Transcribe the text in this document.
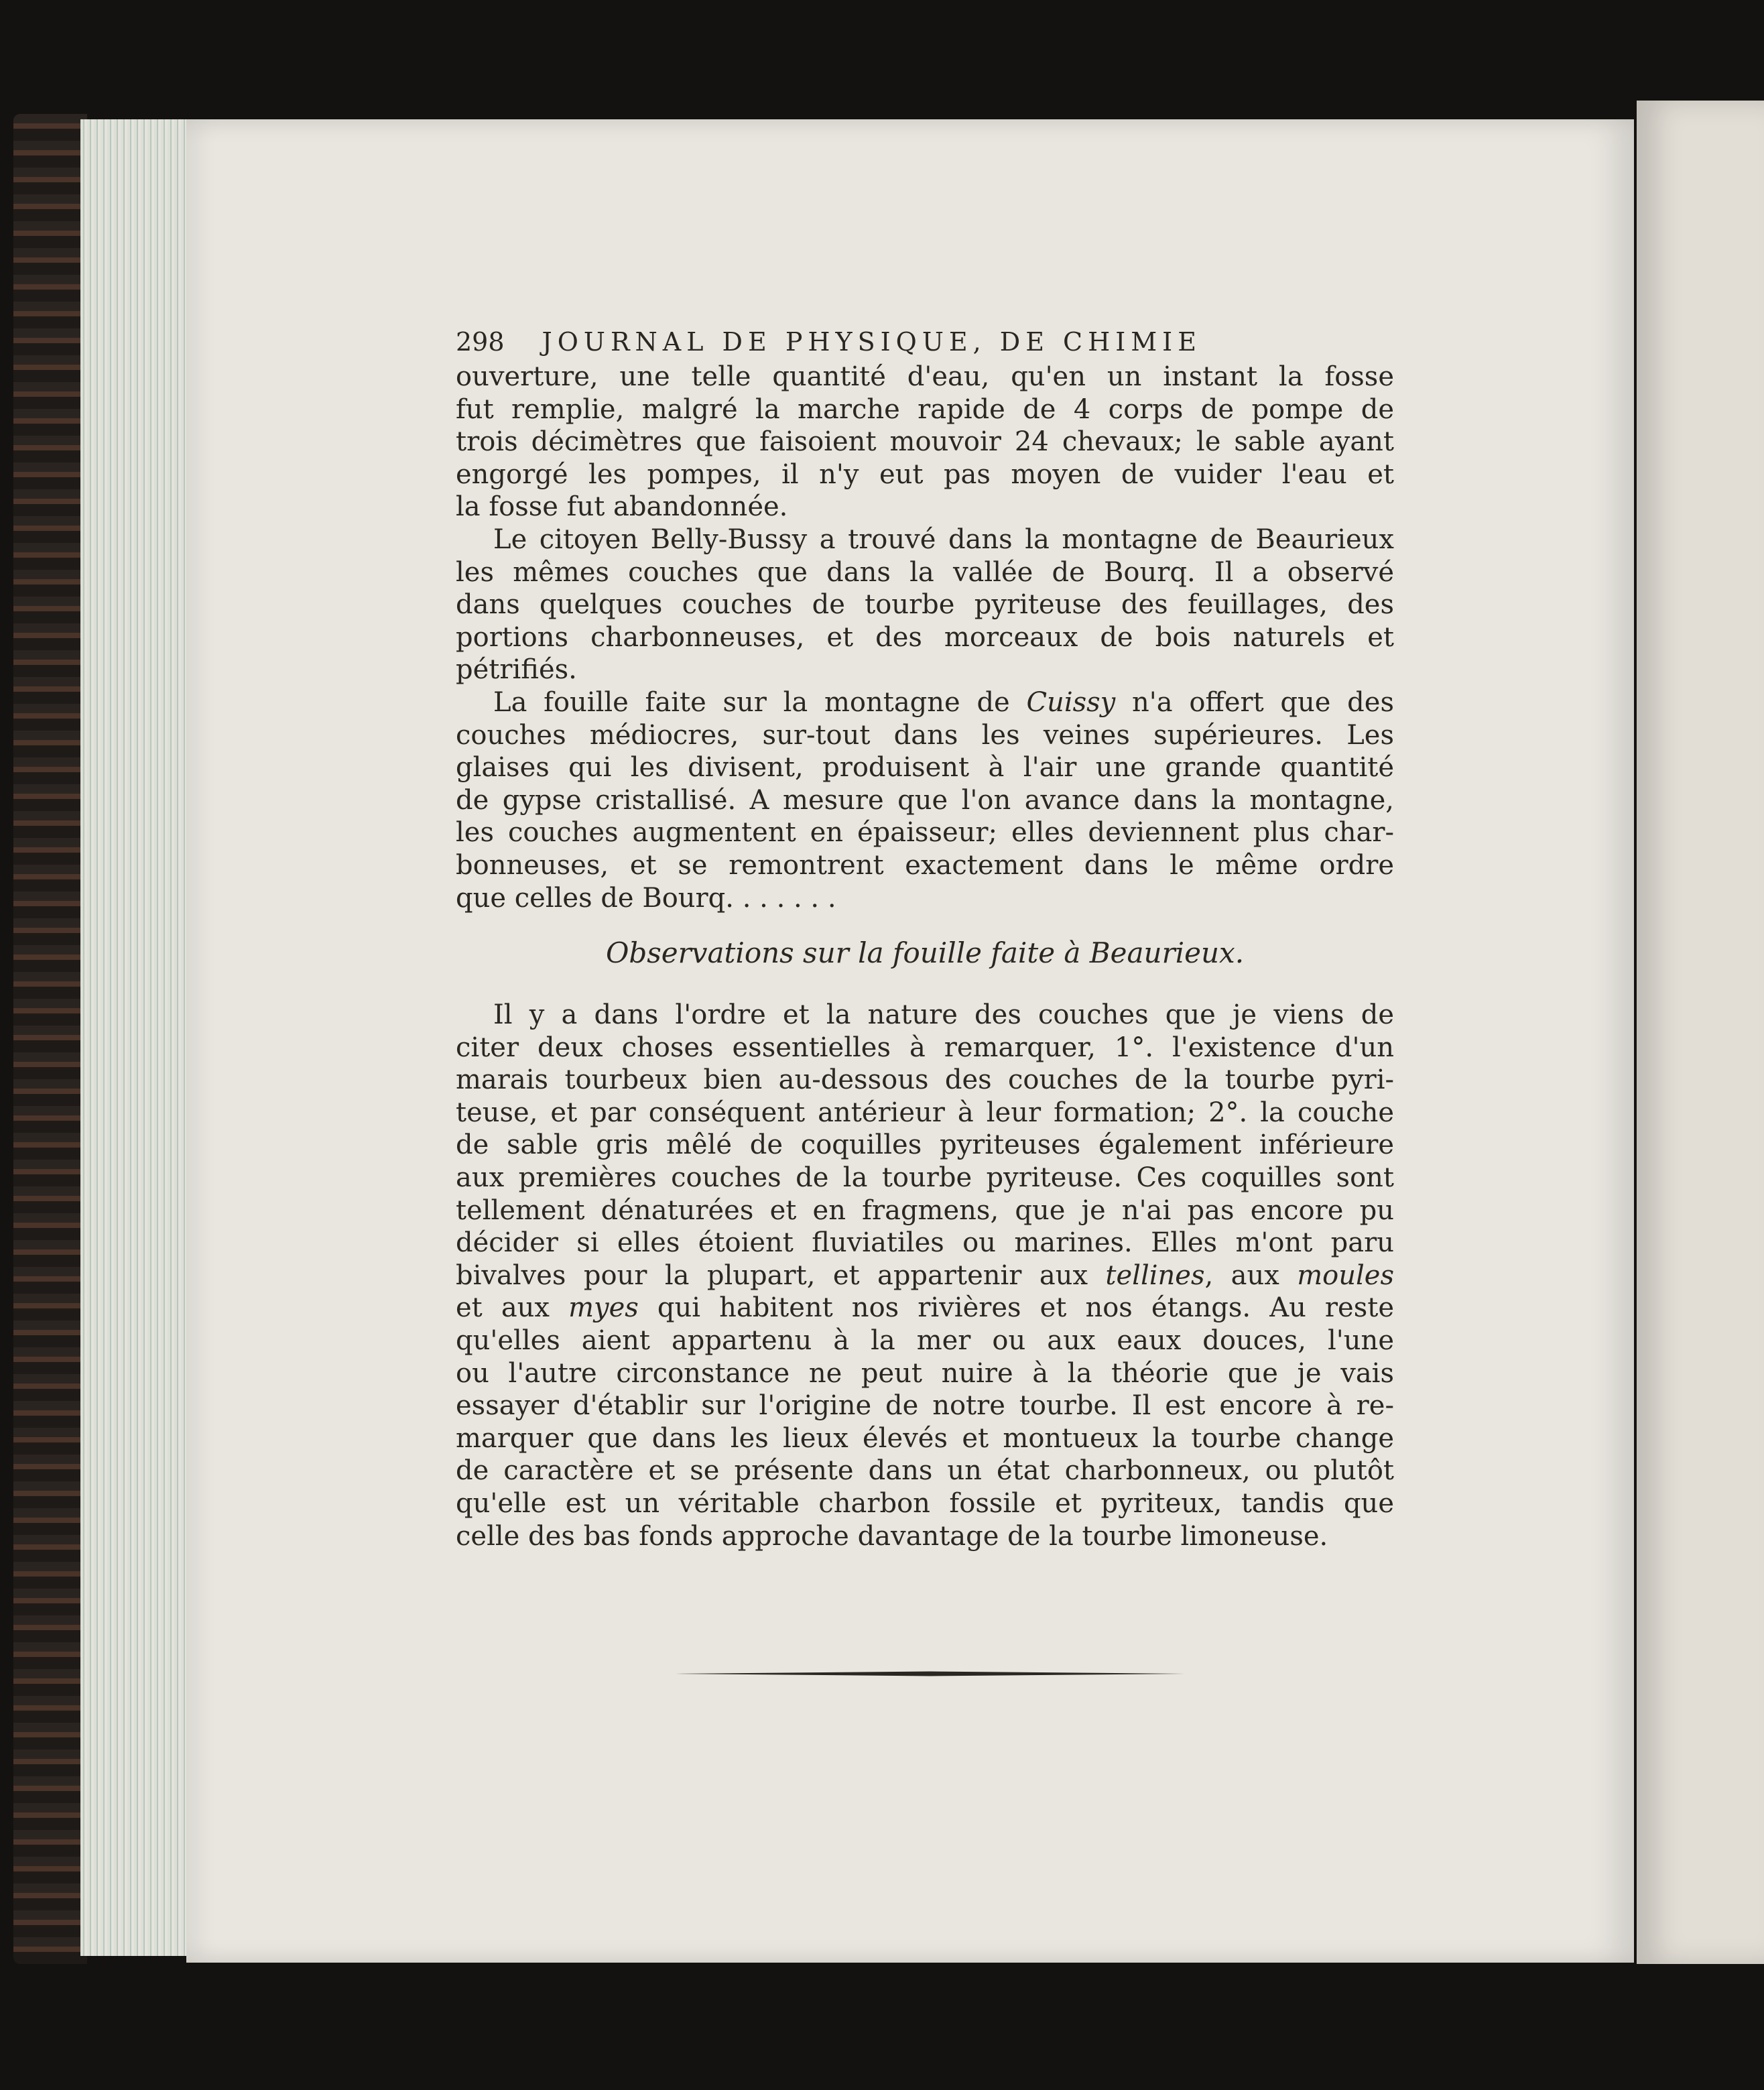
298 JOURNAL DE PHYSIQUE, DE CHIMIE
ouverture, une telle quantité d'eau, qu'en un instant la fosse
fut remplie, malgré la marche rapide de 4 corps de pompe de
trois décimètres que faisoient mouvoir 24 chevaux; le sable ayant
engorgé les pompes, il n'y eut pas moyen de vuider l'eau et
la fosse fut abandonnée.
Le citoyen Belly-Bussy a trouvé dans la montagne de Beaurieux
les mêmes couches que dans la vallée de Bourq. Il a observé
dans quelques couches de tourbe pyriteuse des feuillages, des
portions charbonneuses, et des morceaux de bois naturels et
pétrifiés.
La fouille faite sur la montagne de Cuissy n'a offert que des
couches médiocres, sur-tout dans les veines supérieures. Les
glaises qui les divisent, produisent à l'air une grande quantité
de gypse cristallisé. A mesure que l'on avance dans la montagne,
les couches augmentent en épaisseur; elles deviennent plus char-
bonneuses, et se remontrent exactement dans le même ordre
que celles de Bourq. . . . . . .
Observations sur la fouille faite à Beaurieux.
Il y a dans l'ordre et la nature des couches que je viens de
citer deux choses essentielles à remarquer, 1°. l'existence d'un
marais tourbeux bien au-dessous des couches de la tourbe pyri-
teuse, et par conséquent antérieur à leur formation; 2°. la couche
de sable gris mêlé de coquilles pyriteuses également inférieure
aux premières couches de la tourbe pyriteuse. Ces coquilles sont
tellement dénaturées et en fragmens, que je n'ai pas encore pu
décider si elles étoient fluviatiles ou marines. Elles m'ont paru
bivalves pour la plupart, et appartenir aux tellines, aux moules
et aux myes qui habitent nos rivières et nos étangs. Au reste
qu'elles aient appartenu à la mer ou aux eaux douces, l'une
ou l'autre circonstance ne peut nuire à la théorie que je vais
essayer d'établir sur l'origine de notre tourbe. Il est encore à re-
marquer que dans les lieux élevés et montueux la tourbe change
de caractère et se présente dans un état charbonneux, ou plutôt
qu'elle est un véritable charbon fossile et pyriteux, tandis que
celle des bas fonds approche davantage de la tourbe limoneuse.
